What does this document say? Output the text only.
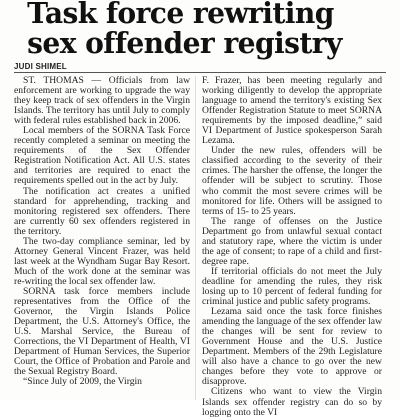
Task force rewriting
sex offender registry
JUDI SHIMEL

ST. THOMAS — Officials from law enforcement are working to upgrade the way they keep track of sex offenders in the Virgin Islands. The territory has until July to comply with federal rules established back in 2006.

Local members of the SORNA Task Force recently completed a seminar on meeting the requirements of the Sex Offender Registration Notification Act. All U.S. states and territories are required to enact the requirements spelled out in the act by July.

The notification act creates a unified standard for apprehending, tracking and monitoring registered sex offenders. There are currently 60 sex offenders registered in the territory.

The two-day compliance seminar, led by Attorney General Vincent Frazer, was held last week at the Wyndham Sugar Bay Resort. Much of the work done at the seminar was re-writing the local sex offender law.

SORNA task force members include representatives from the Office of the Governor, the Virgin Islands Police Department, the U.S. Attorney's Office, the U.S. Marshal Service, the Bureau of Corrections, the VI Department of Health, VI Department of Human Services, the Superior Court, the Office of Probation and Parole and the Sexual Registry Board.

“Since July of 2009, the Virgin

F. Frazer, has been meeting regularly and working diligently to develop the appropriate language to amend the territory's existing Sex Offender Registration Statute to meet SORNA requirements by the imposed deadline,” said VI Department of Justice spokesperson Sarah Lezama.

Under the new rules, offenders will be classified according to the severity of their crimes. The harsher the offense, the longer the offender will be subject to scrutiny. Those who commit the most severe crimes will be monitored for life. Others will be assigned to terms of 15- to 25 years.

The range of offenses on the Justice Department go from unlawful sexual contact and statutory rape, where the victim is under the age of consent; to rape of a child and first-degree rape.

If territorial officials do not meet the July deadline for amending the rules, they risk losing up to 10 percent of federal funding for criminal justice and public safety programs.

Lezama said once the task force finishes amending the language of the sex offender law the changes will be sent for review to Government House and the U.S. Justice Department. Members of the 29th Legislature will also have a chance to go over the new changes before they vote to approve or disapprove.

Citizens who want to view the Virgin Islands sex offender registry can do so by logging onto the VI
